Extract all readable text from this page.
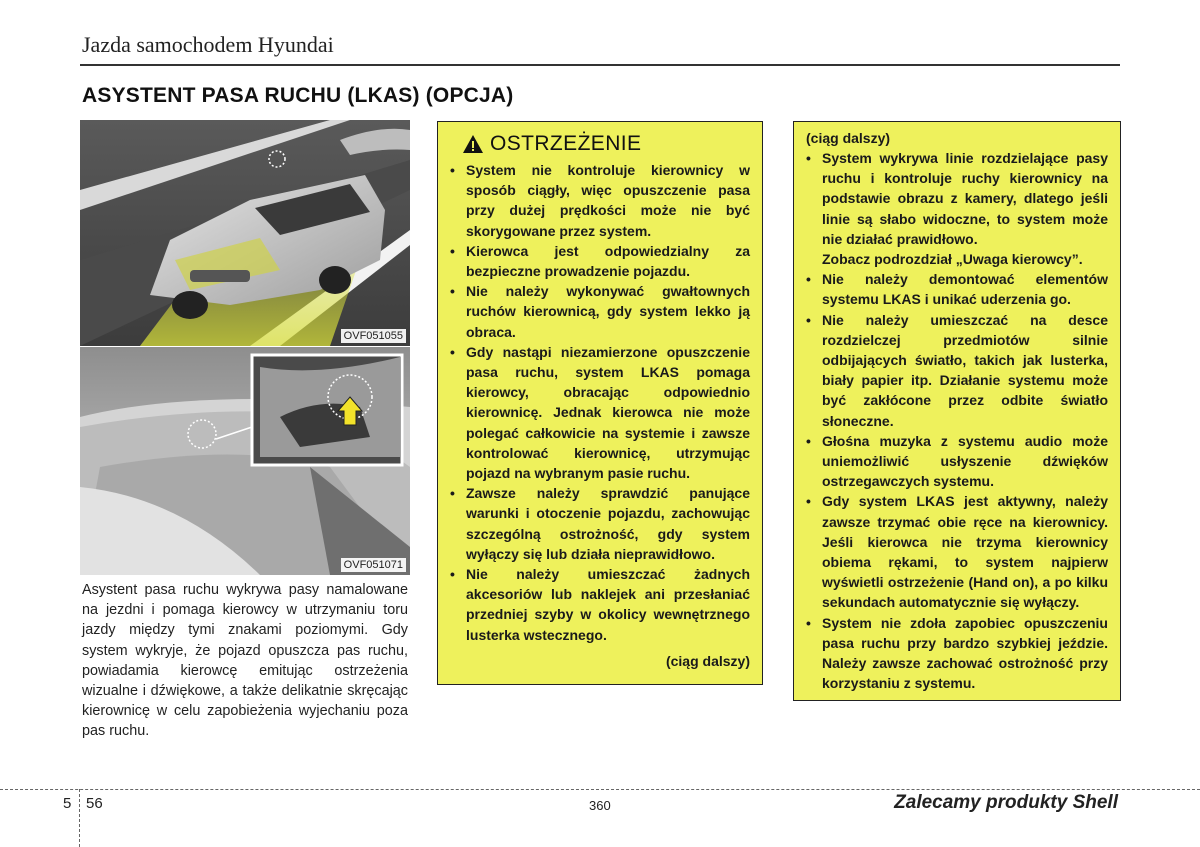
Jazda samochodem Hyundai
ASYSTENT PASA RUCHU (LKAS) (OPCJA)
OVF051055
OVF051071
Asystent pasa ruchu wykrywa pasy namalowane na jezdni i pomaga kierowcy w utrzymaniu toru jazdy między tymi znakami poziomymi. Gdy system wykryje, że pojazd opuszcza pas ruchu, powiadamia kierowcę emitując ostrzeżenia wizualne i dźwiękowe, a także delikatnie skręcając kierownicę w celu zapobieżenia wyjechaniu poza pas ruchu.
OSTRZEŻENIE
• System nie kontroluje kierownicy w sposób ciągły, więc opuszczenie pasa przy dużej prędkości może nie być skorygowane przez system.
• Kierowca jest odpowiedzialny za bezpieczne prowadzenie pojazdu.
• Nie należy wykonywać gwałtownych ruchów kierownicą, gdy system lekko ją obraca.
• Gdy nastąpi niezamierzone opuszczenie pasa ruchu, system LKAS pomaga kierowcy, obracając odpowiednio kierownicę. Jednak kierowca nie może polegać całkowicie na systemie i zawsze kontrolować kierownicę, utrzymując pojazd na wybranym pasie ruchu.
• Zawsze należy sprawdzić panujące warunki i otoczenie pojazdu, zachowując szczególną ostrożność, gdy system wyłączy się lub działa nieprawidłowo.
• Nie należy umieszczać żadnych akcesoriów lub naklejek ani przesłaniać przedniej szyby w okolicy wewnętrznego lusterka wstecznego.
(ciąg dalszy)
(ciąg dalszy)
• System wykrywa linie rozdzielające pasy ruchu i kontroluje ruchy kierownicy na podstawie obrazu z kamery, dlatego jeśli linie są słabo widoczne, to system może nie działać prawidłowo.
Zobacz podrozdział „Uwaga kierowcy”.
• Nie należy demontować elementów systemu LKAS i unikać uderzenia go.
• Nie należy umieszczać na desce rozdzielczej przedmiotów silnie odbijających światło, takich jak lusterka, biały papier itp. Działanie systemu może być zakłócone przez odbite światło słoneczne.
• Głośna muzyka z systemu audio może uniemożliwić usłyszenie dźwięków ostrzegawczych systemu.
• Gdy system LKAS jest aktywny, należy zawsze trzymać obie ręce na kierownicy. Jeśli kierowca nie trzyma kierownicy obiema rękami, to system najpierw wyświetli ostrzeżenie (Hand on), a po kilku sekundach automatycznie się wyłączy.
• System nie zdoła zapobiec opuszczeniu pasa ruchu przy bardzo szybkiej jeździe. Należy zawsze zachować ostrożność przy korzystaniu z systemu.
5 56	360	Zalecamy produkty Shell
